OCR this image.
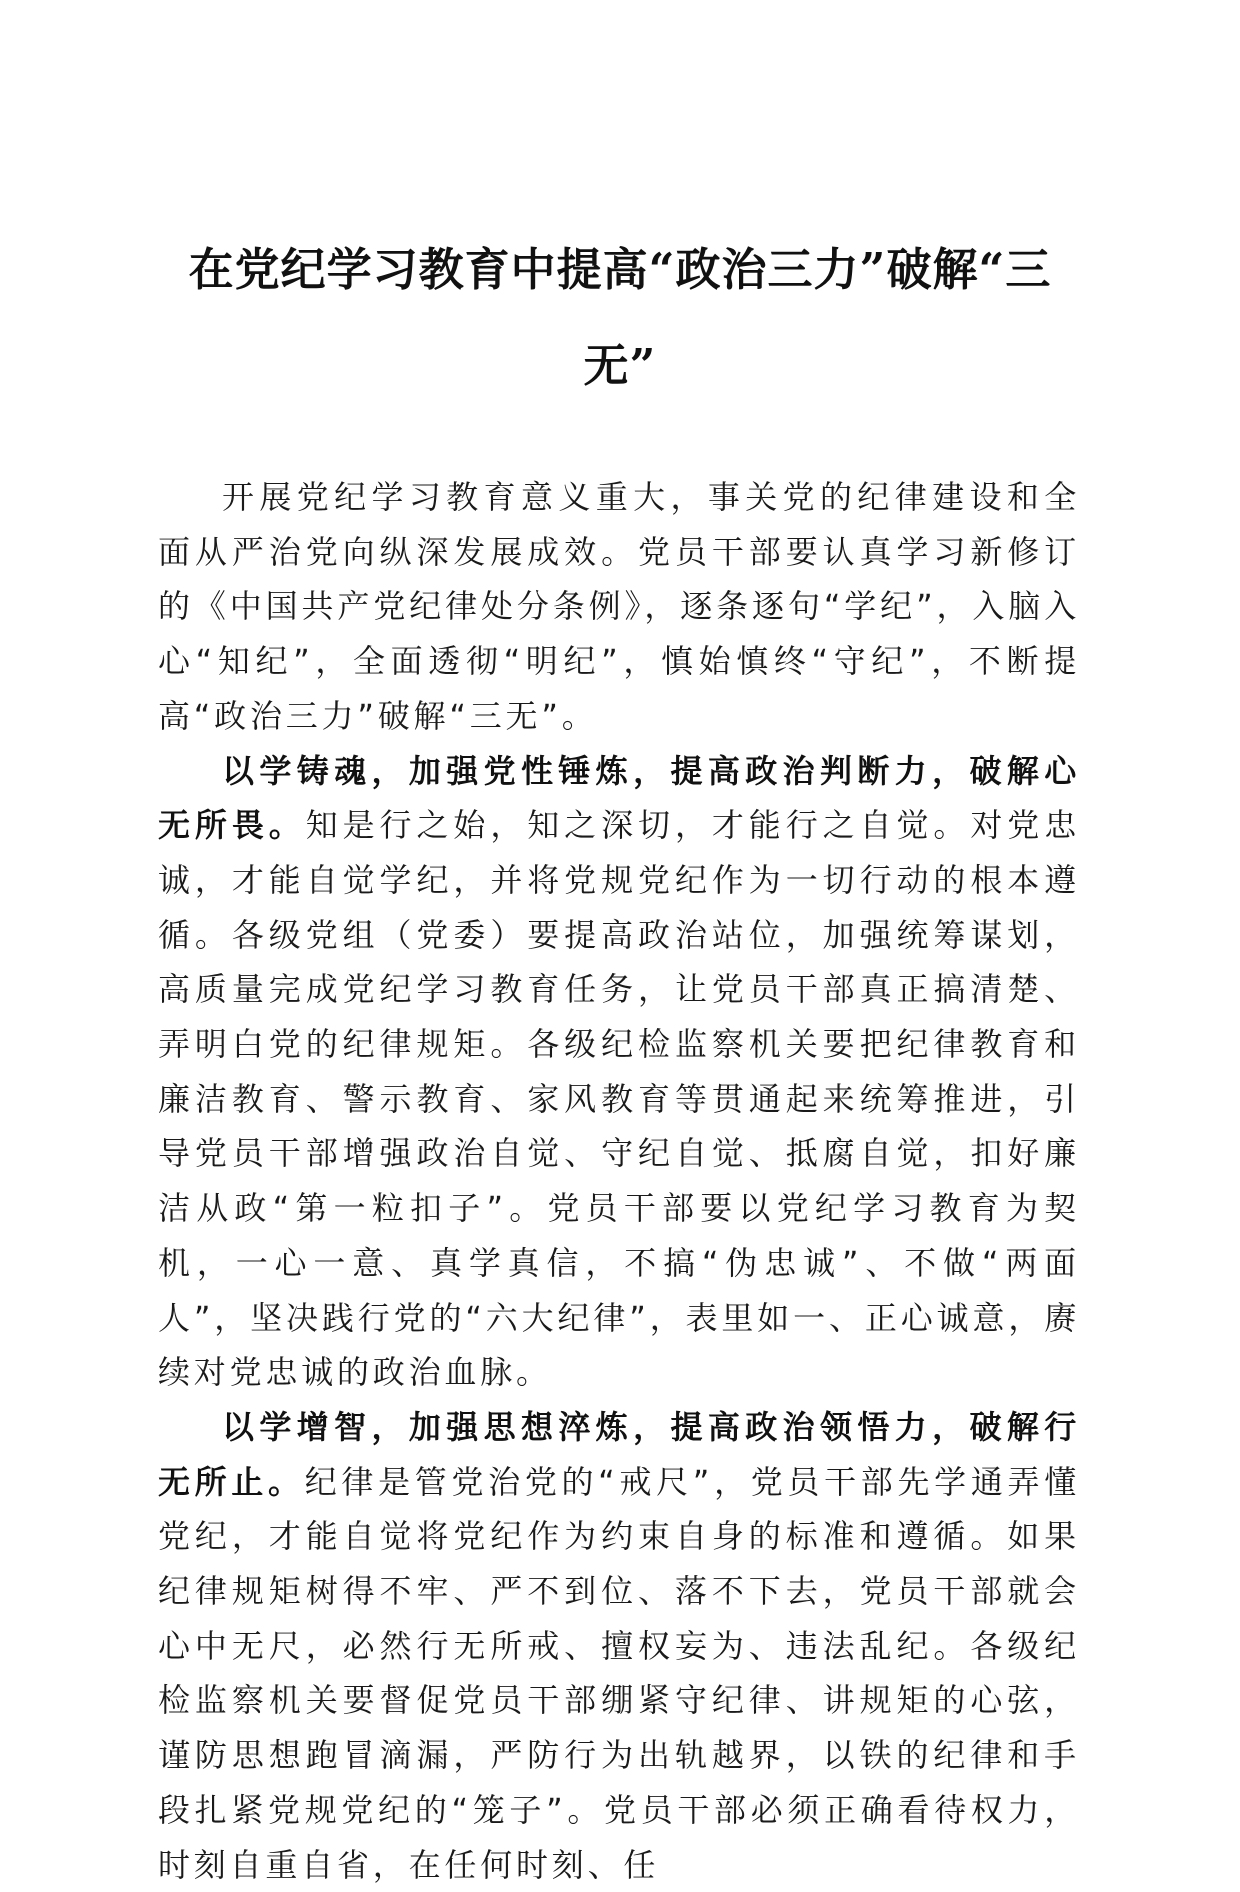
在党纪学习教育中提高“政治三力”破解“三
无”

开展党纪学习教育意义重大，事关党的纪律建设和全面从严治党向纵深发展成效。党员干部要认真学习新修订的《中国共产党纪律处分条例》，逐条逐句“学纪”，入脑入心“知纪”，全面透彻“明纪”，慎始慎终“守纪”，不断提高“政治三力”破解“三无”。

以学铸魂，加强党性锤炼，提高政治判断力，破解心无所畏。知是行之始，知之深切，才能行之自觉。对党忠诚，才能自觉学纪，并将党规党纪作为一切行动的根本遵循。各级党组（党委）要提高政治站位，加强统筹谋划，高质量完成党纪学习教育任务，让党员干部真正搞清楚、弄明白党的纪律规矩。各级纪检监察机关要把纪律教育和廉洁教育、警示教育、家风教育等贯通起来统筹推进，引导党员干部增强政治自觉、守纪自觉、抵腐自觉，扣好廉洁从政“第一粒扣子”。党员干部要以党纪学习教育为契机，一心一意、真学真信，不搞“伪忠诚”、不做“两面人”，坚决践行党的“六大纪律”，表里如一、正心诚意，赓续对党忠诚的政治血脉。

以学增智，加强思想淬炼，提高政治领悟力，破解行无所止。纪律是管党治党的“戒尺”，党员干部先学通弄懂党纪，才能自觉将党纪作为约束自身的标准和遵循。如果纪律规矩树得不牢、严不到位、落不下去，党员干部就会心中无尺，必然行无所戒、擅权妄为、违法乱纪。各级纪检监察机关要督促党员干部绷紧守纪律、讲规矩的心弦，谨防思想跑冒滴漏，严防行为出轨越界，以铁的纪律和手段扎紧党规党纪的“笼子”。党员干部必须正确看待权力，时刻自重自省，在任何时刻、任
